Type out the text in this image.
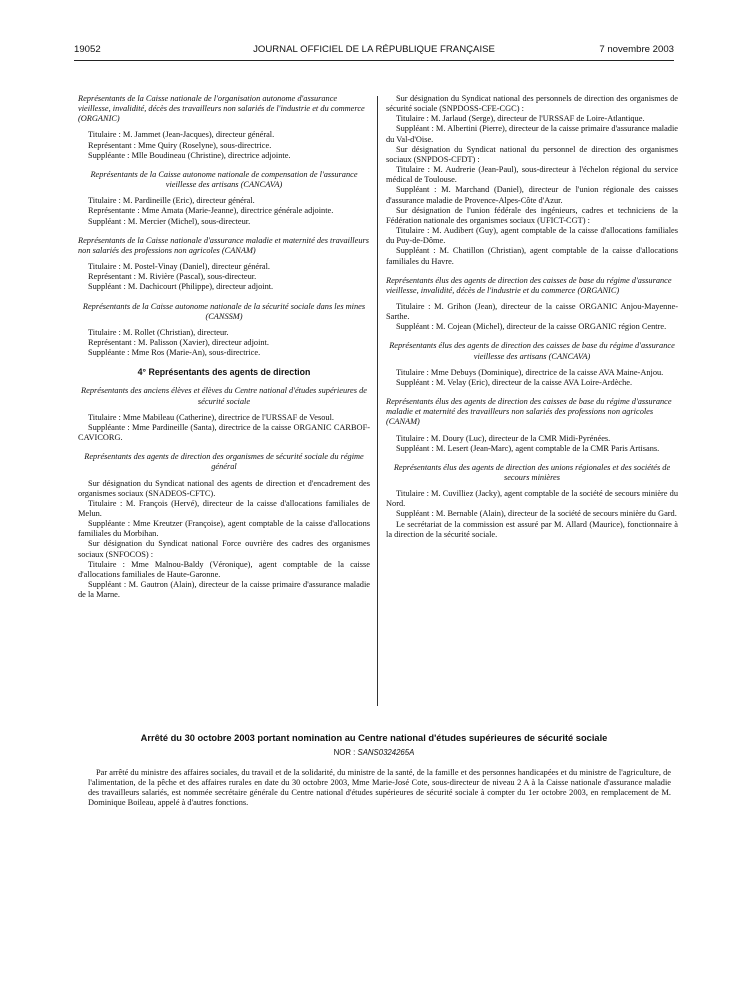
19052	JOURNAL OFFICIEL DE LA RÉPUBLIQUE FRANÇAISE	7 novembre 2003
Représentants de la Caisse nationale de l'organisation autonome d'assurance vieillesse, invalidité, décès des travailleurs non salariés de l'industrie et du commerce (ORGANIC)
Titulaire : M. Jammet (Jean-Jacques), directeur général.
Représentant : Mme Quiry (Roselyne), sous-directrice.
Suppléante : Mlle Boudineau (Christine), directrice adjointe.
Représentants de la Caisse autonome nationale de compensation de l'assurance vieillesse des artisans (CANCAVA)
Titulaire : M. Pardineille (Eric), directeur général.
Représentante : Mme Amata (Marie-Jeanne), directrice générale adjointe.
Suppléant : M. Mercier (Michel), sous-directeur.
Représentants de la Caisse nationale d'assurance maladie et maternité des travailleurs non salariés des professions non agricoles (CANAM)
Titulaire : M. Postel-Vinay (Daniel), directeur général.
Représentant : M. Rivière (Pascal), sous-directeur.
Suppléant : M. Dachicourt (Philippe), directeur adjoint.
Représentants de la Caisse autonome nationale de la sécurité sociale dans les mines (CANSSM)
Titulaire : M. Rollet (Christian), directeur.
Représentant : M. Palisson (Xavier), directeur adjoint.
Suppléante : Mme Ros (Marie-An), sous-directrice.
4° Représentants des agents de direction
Représentants des anciens élèves et élèves du Centre national d'études supérieures de sécurité sociale
Titulaire : Mme Mabileau (Catherine), directrice de l'URSSAF de Vesoul.
Suppléante : Mme Pardineille (Santa), directrice de la caisse ORGANIC CARBOF-CAVICORG.
Représentants des agents de direction des organismes de sécurité sociale du régime général
Sur désignation du Syndicat national des agents de direction et d'encadrement des organismes sociaux (SNADEOS-CFTC).
Titulaire : M. François (Hervé), directeur de la caisse d'allocations familiales de Melun.
Suppléante : Mme Kreutzer (Françoise), agent comptable de la caisse d'allocations familiales du Morbihan.
Sur désignation du Syndicat national Force ouvrière des cadres des organismes sociaux (SNFOCOS) :
Titulaire : Mme Malnou-Baldy (Véronique), agent comptable de la caisse d'allocations familiales de Haute-Garonne.
Suppléant : M. Gautron (Alain), directeur de la caisse primaire d'assurance maladie de la Marne.
Sur désignation du Syndicat national des personnels de direction des organismes de sécurité sociale (SNPDOSS-CFE-CGC) :
Titulaire : M. Jarlaud (Serge), directeur de l'URSSAF de Loire-Atlantique.
Suppléant : M. Albertini (Pierre), directeur de la caisse primaire d'assurance maladie du Val-d'Oise.
Sur désignation du Syndicat national du personnel de direction des organismes sociaux (SNPDOS-CFDT) :
Titulaire : M. Audrerie (Jean-Paul), sous-directeur à l'échelon régional du service médical de Toulouse.
Suppléant : M. Marchand (Daniel), directeur de l'union régionale des caisses d'assurance maladie de Provence-Alpes-Côte d'Azur.
Sur désignation de l'union fédérale des ingénieurs, cadres et techniciens de la Fédération nationale des organismes sociaux (UFICT-CGT) :
Titulaire : M. Audibert (Guy), agent comptable de la caisse d'allocations familiales du Puy-de-Dôme.
Suppléant : M. Chatillon (Christian), agent comptable de la caisse d'allocations familiales du Havre.
Représentants élus des agents de direction des caisses de base du régime d'assurance vieillesse, invalidité, décès de l'industrie et du commerce (ORGANIC)
Titulaire : M. Grihon (Jean), directeur de la caisse ORGANIC Anjou-Mayenne-Sarthe.
Suppléant : M. Cojean (Michel), directeur de la caisse ORGANIC région Centre.
Représentants élus des agents de direction des caisses de base du régime d'assurance vieillesse des artisans (CANCAVA)
Titulaire : Mme Debuys (Dominique), directrice de la caisse AVA Maine-Anjou.
Suppléant : M. Velay (Eric), directeur de la caisse AVA Loire-Ardèche.
Représentants élus des agents de direction des caisses de base du régime d'assurance maladie et maternité des travailleurs non salariés des professions non agricoles (CANAM)
Titulaire : M. Doury (Luc), directeur de la CMR Midi-Pyrénées.
Suppléant : M. Lesert (Jean-Marc), agent comptable de la CMR Paris Artisans.
Représentants élus des agents de direction des unions régionales et des sociétés de secours minières
Titulaire : M. Cuvilliez (Jacky), agent comptable de la société de secours minière du Nord.
Suppléant : M. Bernable (Alain), directeur de la société de secours minière du Gard.
Le secrétariat de la commission est assuré par M. Allard (Maurice), fonctionnaire à la direction de la sécurité sociale.
Arrêté du 30 octobre 2003 portant nomination au Centre national d'études supérieures de sécurité sociale
NOR : SANS0324265A
Par arrêté du ministre des affaires sociales, du travail et de la solidarité, du ministre de la santé, de la famille et des personnes handicapées et du ministre de l'agriculture, de l'alimentation, de la pêche et des affaires rurales en date du 30 octobre 2003, Mme Marie-José Cote, sous-directeur de niveau 2 A à la Caisse nationale d'assurance maladie des travailleurs salariés, est nommée secrétaire générale du Centre national d'études supérieures de sécurité sociale à compter du 1er octobre 2003, en remplacement de M. Dominique Boileau, appelé à d'autres fonctions.
